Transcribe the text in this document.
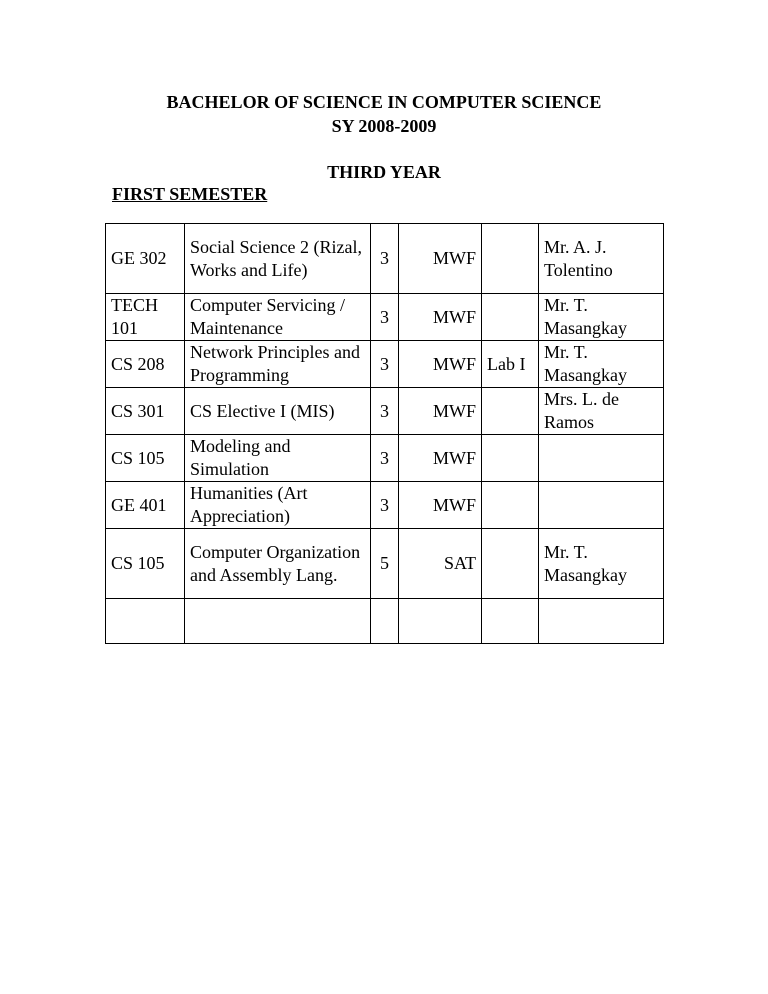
BACHELOR OF SCIENCE IN COMPUTER SCIENCE
SY 2008-2009
THIRD YEAR
FIRST SEMESTER
GE 302	Social Science 2 (Rizal, Works and Life)	3	MWF		Mr. A. J. Tolentino
TECH 101	Computer Servicing / Maintenance	3	MWF		Mr. T. Masangkay
CS 208	Network Principles and Programming	3	MWF	Lab I	Mr. T. Masangkay
CS 301	CS Elective I (MIS)	3	MWF		Mrs. L. de Ramos
CS 105	Modeling and Simulation	3	MWF		
GE 401	Humanities (Art Appreciation)	3	MWF		
CS 105	Computer Organization and Assembly Lang.	5	SAT		Mr. T. Masangkay
